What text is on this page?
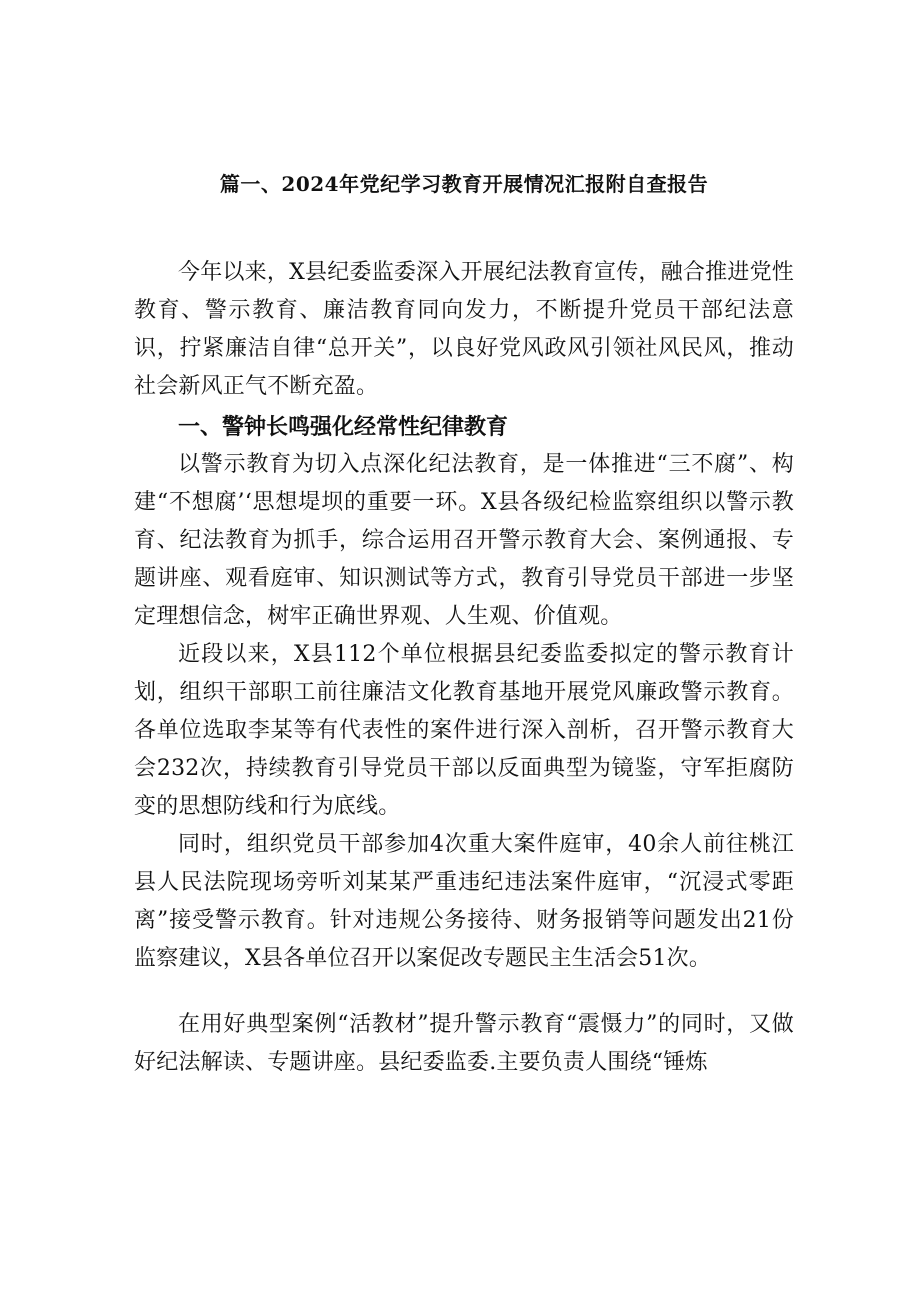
篇一、2024年党纪学习教育开展情况汇报附自查报告

今年以来，X县纪委监委深入开展纪法教育宣传，融合推进党性教育、警示教育、廉洁教育同向发力，不断提升党员干部纪法意识，拧紧廉洁自律“总开关”，以良好党风政风引领社风民风，推动社会新风正气不断充盈。

一、警钟长鸣强化经常性纪律教育

以警示教育为切入点深化纪法教育，是一体推进“三不腐”、构建“不想腐’‘思想堤坝的重要一环。X县各级纪检监察组织以警示教育、纪法教育为抓手，综合运用召开警示教育大会、案例通报、专题讲座、观看庭审、知识测试等方式，教育引导党员干部进一步坚定理想信念，树牢正确世界观、人生观、价值观。

近段以来，X县112个单位根据县纪委监委拟定的警示教育计划，组织干部职工前往廉洁文化教育基地开展党风廉政警示教育。各单位选取李某等有代表性的案件进行深入剖析，召开警示教育大会232次，持续教育引导党员干部以反面典型为镜鉴，守军拒腐防变的思想防线和行为底线。

同时，组织党员干部参加4次重大案件庭审，40余人前往桃江县人民法院现场旁听刘某某严重违纪违法案件庭审，“沉浸式零距离”接受警示教育。针对违规公务接待、财务报销等问题发出21份监察建议，X县各单位召开以案促改专题民主生活会51次。

在用好典型案例“活教材”提升警示教育“震慑力”的同时，又做好纪法解读、专题讲座。县纪委监委.主要负责人围绕“锤炼
